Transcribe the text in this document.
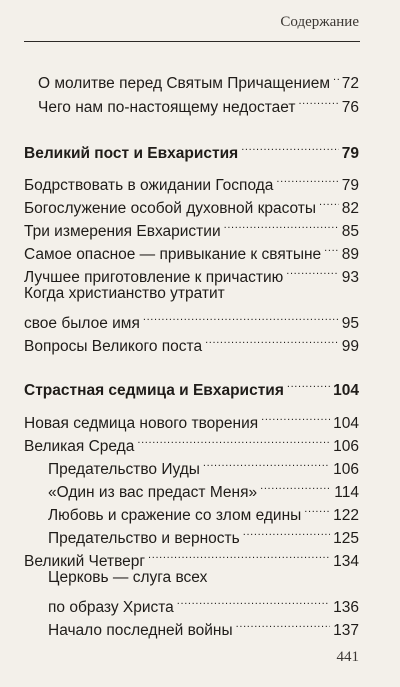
Содержание
О молитве перед Святым Причащением . . . 72
Чего нам по-настоящему недостает . . .	76
Великий пост и Евхаристия . . .	79
Бодрствовать в ожидании Господа . . .	79
Богослужение особой духовной красоты . . . 82
Три измерения Евхаристии . . .	85
Самое опасное — привыкание к святыне . . . 89
Лучшее приготовление к причастию . . .	93
Когда христианство утратит
свое былое имя . . .	95
Вопросы Великого поста . . .	99
Страстная седмица и Евхаристия . . .	104
Новая седмица нового творения . . .	104
Великая Среда . . .	106
Предательство Иуды . . .	106
«Один из вас предаст Меня» . . .	114
Любовь и сражение со злом едины . . . 122
Предательство и верность . . .	125
Великий Четверг . . .	134
Церковь — слуга всех
по образу Христа . . .	136
Начало последней войны . . .	137
441
